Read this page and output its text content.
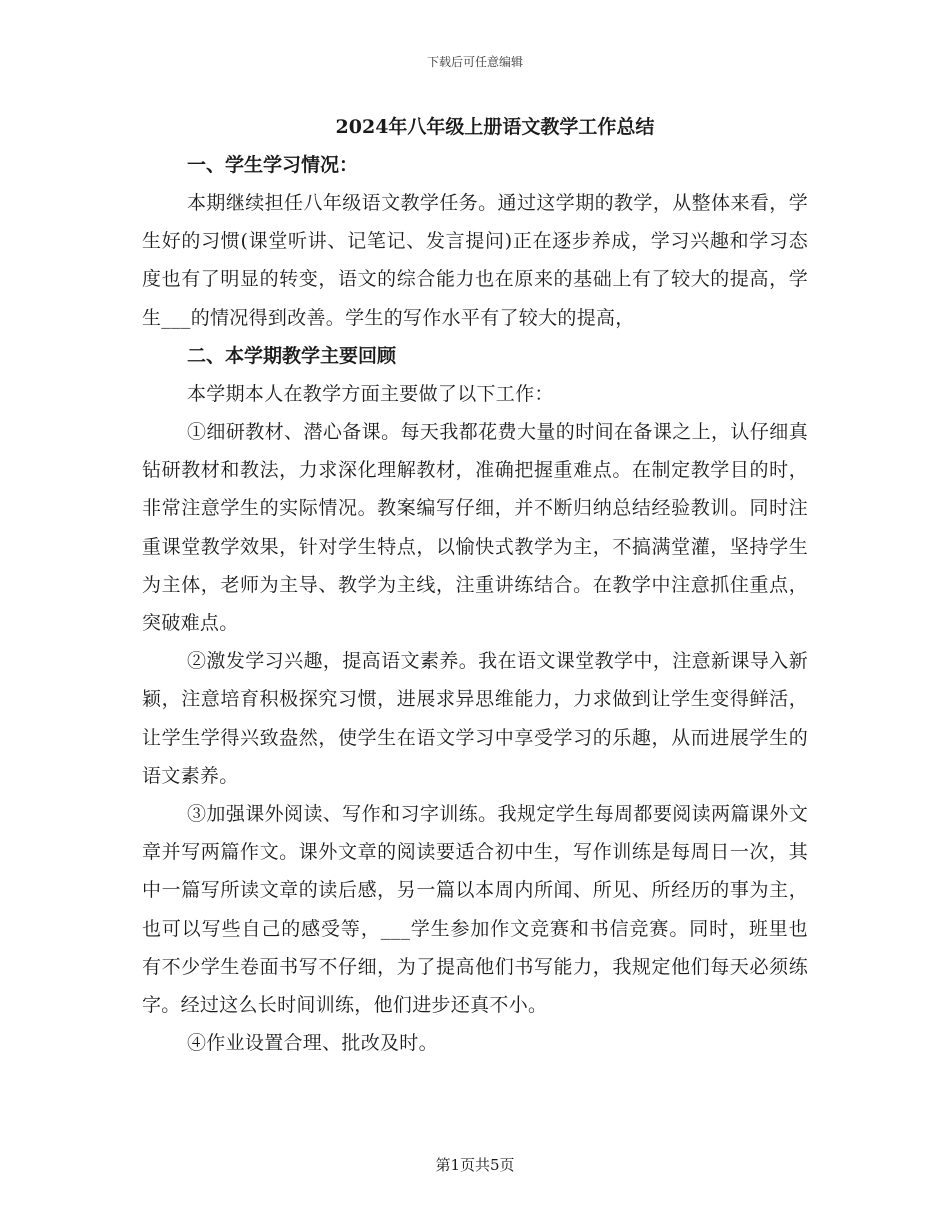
下载后可任意编辑
2024年八年级上册语文教学工作总结
一、学生学习情况：

本期继续担任八年级语文教学任务。通过这学期的教学，从整体来看，学生好的习惯(课堂听讲、记笔记、发言提问)正在逐步养成，学习兴趣和学习态度也有了明显的转变，语文的综合能力也在原来的基础上有了较大的提高，学生___的情况得到改善。学生的写作水平有了较大的提高，

二、本学期教学主要回顾

本学期本人在教学方面主要做了以下工作：

①细研教材、潜心备课。每天我都花费大量的时间在备课之上，认仔细真钻研教材和教法，力求深化理解教材，准确把握重难点。在制定教学目的时，非常注意学生的实际情况。教案编写仔细，并不断归纳总结经验教训。同时注重课堂教学效果，针对学生特点，以愉快式教学为主，不搞满堂灌，坚持学生为主体，老师为主导、教学为主线，注重讲练结合。在教学中注意抓住重点，突破难点。

②激发学习兴趣，提高语文素养。我在语文课堂教学中，注意新课导入新颖，注意培育积极探究习惯，进展求异思维能力，力求做到让学生变得鲜活，让学生学得兴致盎然，使学生在语文学习中享受学习的乐趣，从而进展学生的语文素养。

③加强课外阅读、写作和习字训练。我规定学生每周都要阅读两篇课外文章并写两篇作文。课外文章的阅读要适合初中生，写作训练是每周日一次，其中一篇写所读文章的读后感，另一篇以本周内所闻、所见、所经历的事为主，也可以写些自己的感受等，___学生参加作文竞赛和书信竞赛。同时，班里也有不少学生卷面书写不仔细，为了提高他们书写能力，我规定他们每天必须练字。经过这么长时间训练，他们进步还真不小。

④作业设置合理、批改及时。

第1页共5页
